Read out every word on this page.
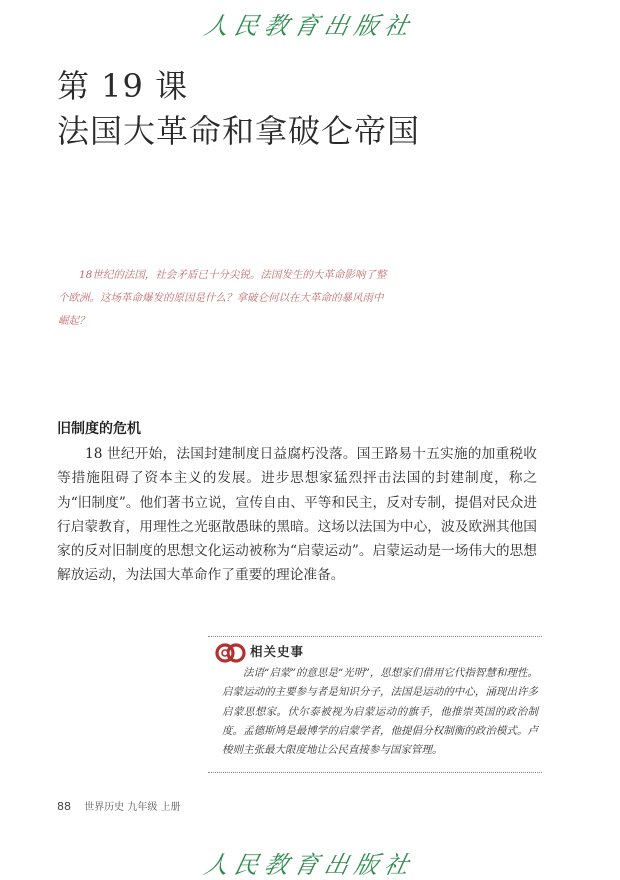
人民教育出版社
第 19 课
法国大革命和拿破仑帝国

18世纪的法国，社会矛盾已十分尖锐。法国发生的大革命影响了整个欧洲。这场革命爆发的原因是什么？拿破仑何以在大革命的暴风雨中崛起？

旧制度的危机

18 世纪开始，法国封建制度日益腐朽没落。国王路易十五实施的加重税收等措施阻碍了资本主义的发展。进步思想家猛烈抨击法国的封建制度，称之为“旧制度”。他们著书立说，宣传自由、平等和民主，反对专制，提倡对民众进行启蒙教育，用理性之光驱散愚昧的黑暗。这场以法国为中心，波及欧洲其他国家的反对旧制度的思想文化运动被称为“启蒙运动”。启蒙运动是一场伟大的思想解放运动，为法国大革命作了重要的理论准备。

相关史事

法语“启蒙”的意思是“光明”，思想家们借用它代指智慧和理性。启蒙运动的主要参与者是知识分子，法国是运动的中心，涌现出许多启蒙思想家。伏尔泰被视为启蒙运动的旗手，他推崇英国的政治制度。孟德斯鸠是最博学的启蒙学者，他提倡分权制衡的政治模式。卢梭则主张最大限度地让公民直接参与国家管理。

88 世界历史 九年级 上册
人民教育出版社
